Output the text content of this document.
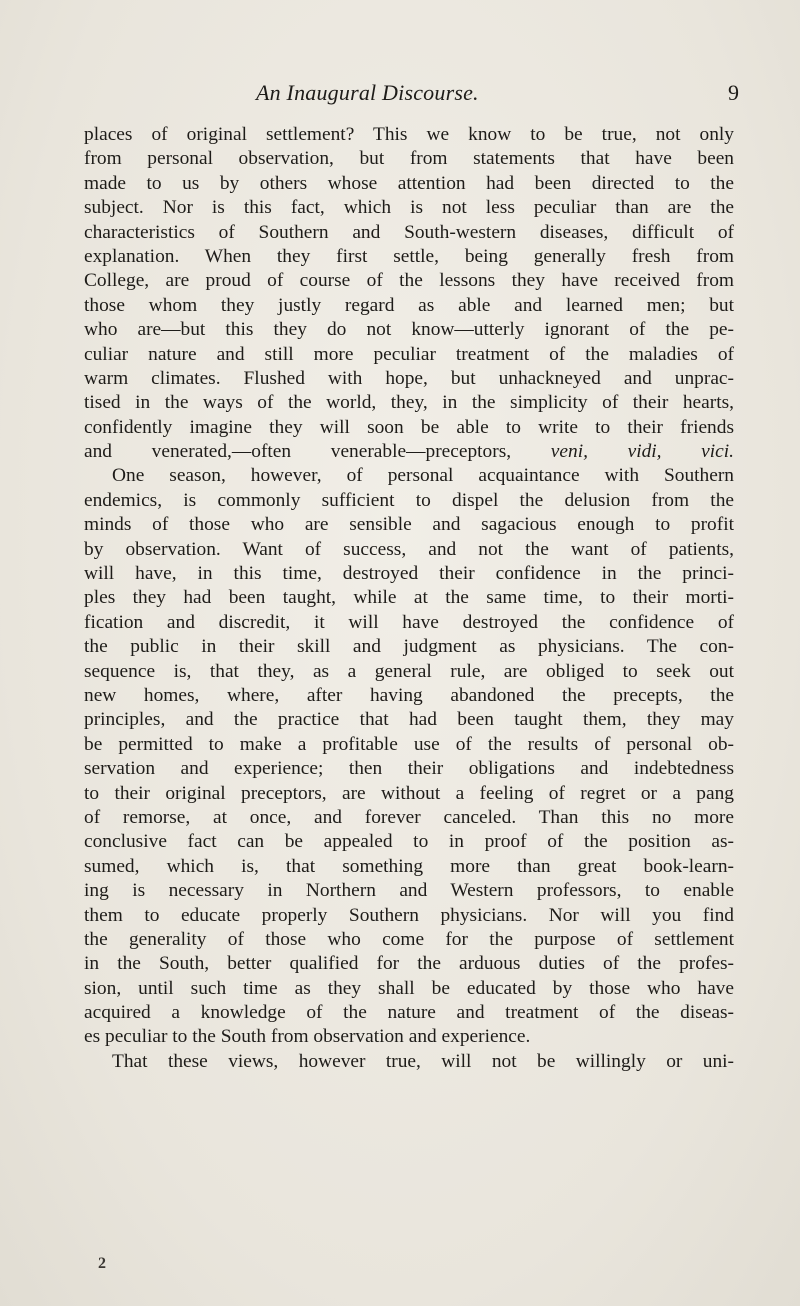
An Inaugural Discourse.	9
places of original settlement? This we know to be true, not only
from personal observation, but from statements that have been
made to us by others whose attention had been directed to the
subject. Nor is this fact, which is not less peculiar than are the
characteristics of Southern and South-western diseases, difficult of
explanation. When they first settle, being generally fresh from
College, are proud of course of the lessons they have received from
those whom they justly regard as able and learned men; but
who are—but this they do not know—utterly ignorant of the pe-
culiar nature and still more peculiar treatment of the maladies of
warm climates. Flushed with hope, but unhackneyed and unprac-
tised in the ways of the world, they, in the simplicity of their hearts,
confidently imagine they will soon be able to write to their friends
and venerated,—often venerable—preceptors, veni, vidi, vici.
One season, however, of personal acquaintance with Southern
endemics, is commonly sufficient to dispel the delusion from the
minds of those who are sensible and sagacious enough to profit
by observation. Want of success, and not the want of patients,
will have, in this time, destroyed their confidence in the princi-
ples they had been taught, while at the same time, to their morti-
fication and discredit, it will have destroyed the confidence of
the public in their skill and judgment as physicians. The con-
sequence is, that they, as a general rule, are obliged to seek out
new homes, where, after having abandoned the precepts, the
principles, and the practice that had been taught them, they may
be permitted to make a profitable use of the results of personal ob-
servation and experience; then their obligations and indebtedness
to their original preceptors, are without a feeling of regret or a pang
of remorse, at once, and forever canceled. Than this no more
conclusive fact can be appealed to in proof of the position as-
sumed, which is, that something more than great book-learn-
ing is necessary in Northern and Western professors, to enable
them to educate properly Southern physicians. Nor will you find
the generality of those who come for the purpose of settlement
in the South, better qualified for the arduous duties of the profes-
sion, until such time as they shall be educated by those who have
acquired a knowledge of the nature and treatment of the diseas-
es peculiar to the South from observation and experience.
That these views, however true, will not be willingly or uni-
2
